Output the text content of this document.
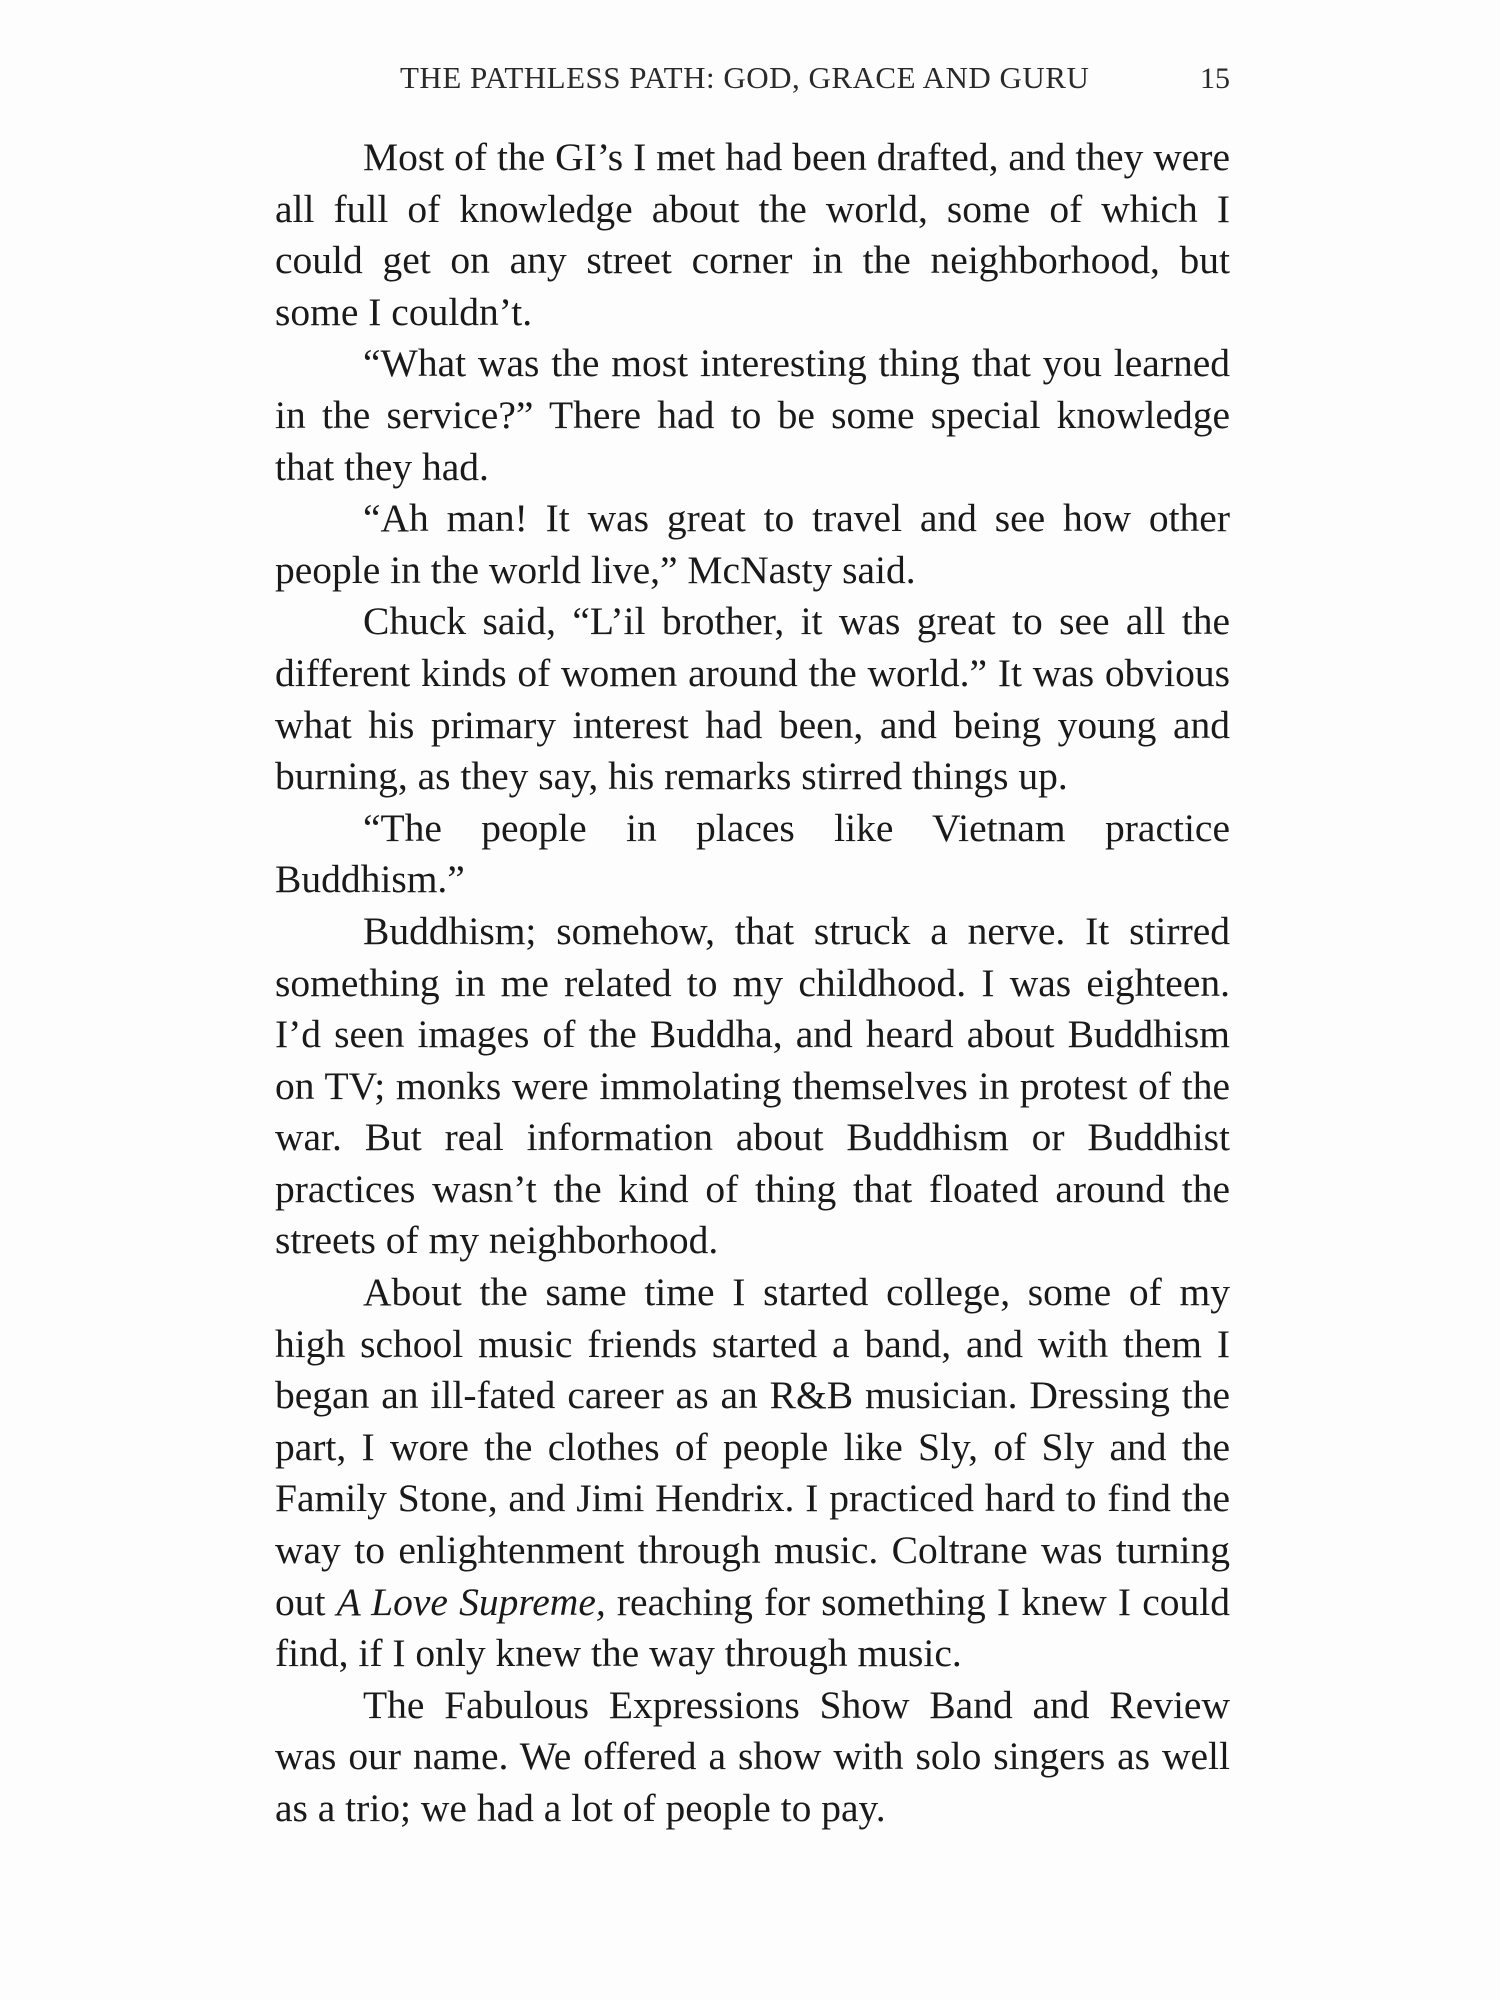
THE PATHLESS PATH: GOD, GRACE AND GURU	15

Most of the GI’s I met had been drafted, and they were all full of knowledge about the world, some of which I could get on any street corner in the neighborhood, but some I couldn’t.

“What was the most interesting thing that you learned in the service?” There had to be some special knowledge that they had.

“Ah man! It was great to travel and see how other people in the world live,” McNasty said.

Chuck said, “L’il brother, it was great to see all the different kinds of women around the world.” It was obvious what his primary interest had been, and being young and burning, as they say, his remarks stirred things up.

“The people in places like Vietnam practice Buddhism.”

Buddhism; somehow, that struck a nerve. It stirred something in me related to my childhood. I was eighteen. I’d seen images of the Buddha, and heard about Buddhism on TV; monks were immolating themselves in protest of the war. But real information about Buddhism or Buddhist practices wasn’t the kind of thing that floated around the streets of my neighborhood.

About the same time I started college, some of my high school music friends started a band, and with them I began an ill-fated career as an R&B musician. Dressing the part, I wore the clothes of people like Sly, of Sly and the Family Stone, and Jimi Hendrix. I practiced hard to find the way to enlightenment through music. Coltrane was turning out A Love Supreme, reaching for something I knew I could find, if I only knew the way through music.

The Fabulous Expressions Show Band and Review was our name. We offered a show with solo singers as well as a trio; we had a lot of people to pay.
